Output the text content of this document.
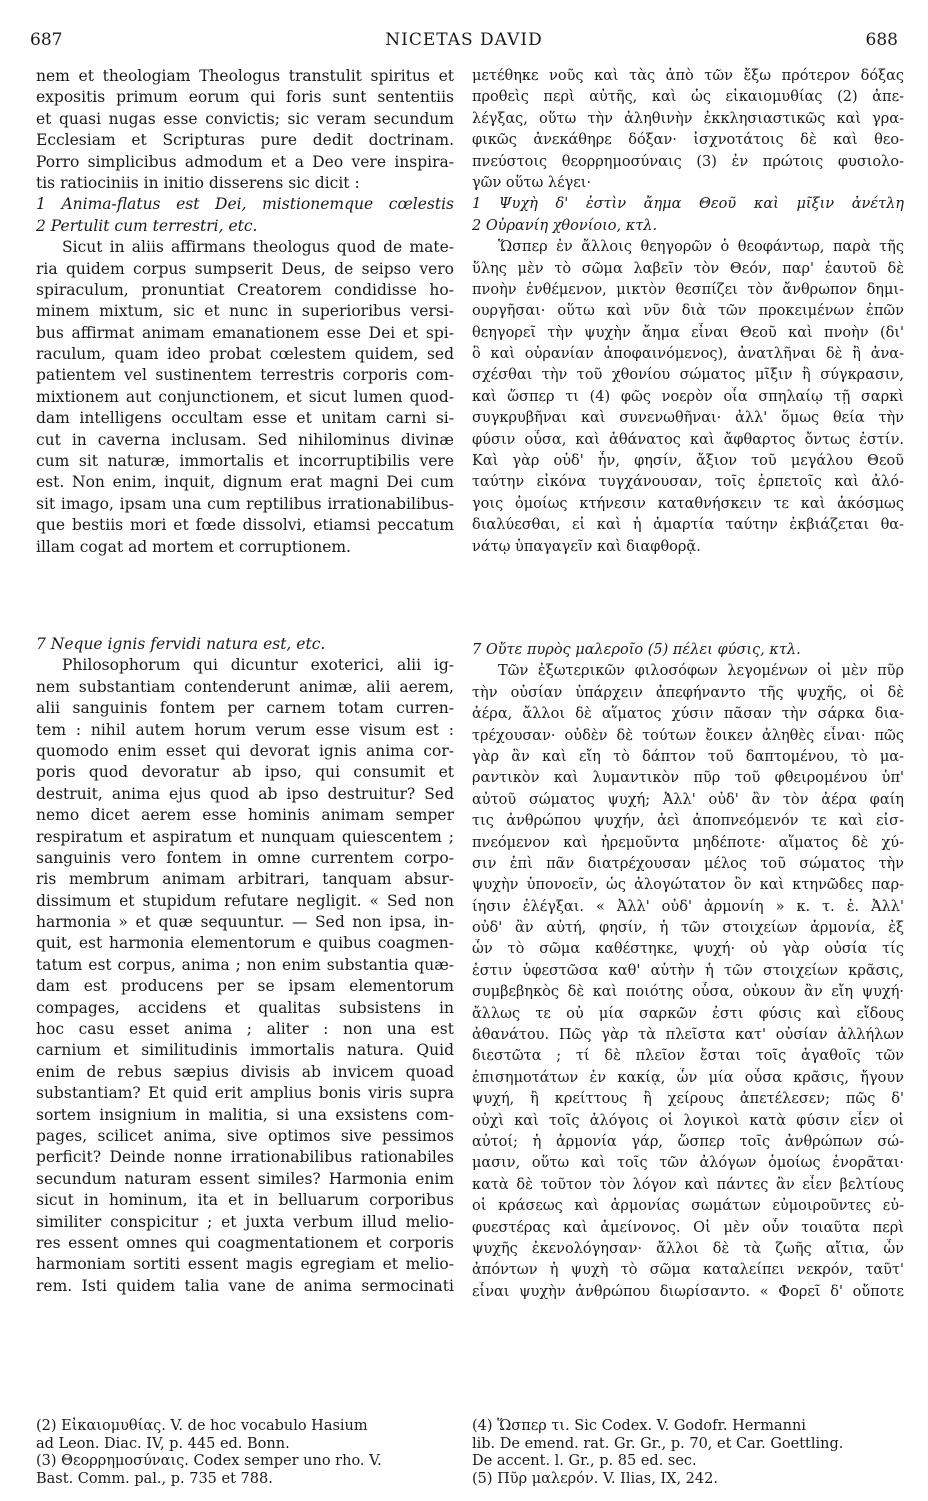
687	NICETAS DAVID	688
nem et theologiam Theologus transtulit spiritus et
expositis primum eorum qui foris sunt sententiis
et quasi nugas esse convictis; sic veram secundum
Ecclesiam et Scripturas pure dedit doctrinam.
Porro simplicibus admodum et a Deo vere inspira-
tis ratiociniis in initio disserens sic dicit :
1 Anima-flatus est Dei, mistionemque cœlestis
2 Pertulit cum terrestri, etc.
Sicut in aliis affirmans theologus quod de mate-
ria quidem corpus sumpserit Deus, de seipso vero
spiraculum, pronuntiat Creatorem condidisse ho-
minem mixtum, sic et nunc in superioribus versi-
bus affirmat animam emanationem esse Dei et spi-
raculum, quam ideo probat cœlestem quidem, sed
patientem vel sustinentem terrestris corporis com-
mixtionem aut conjunctionem, et sicut lumen quod-
dam intelligens occultam esse et unitam carni si-
cut in caverna inclusam. Sed nihilominus divinæ
cum sit naturæ, immortalis et incorruptibilis vere
est. Non enim, inquit, dignum erat magni Dei cum
sit imago, ipsam una cum reptilibus irrationabilibus-
que bestiis mori et fœde dissolvi, etiamsi peccatum
illam cogat ad mortem et corruptionem.
7 Neque ignis fervidi natura est, etc.
Philosophorum qui dicuntur exoterici, alii ig-
nem substantiam contenderunt animæ, alii aerem,
alii sanguinis fontem per carnem totam curren-
tem : nihil autem horum verum esse visum est :
quomodo enim esset qui devorat ignis anima cor-
poris quod devoratur ab ipso, qui consumit et
destruit, anima ejus quod ab ipso destruitur? Sed
nemo dicet aerem esse hominis animam semper
respiratum et aspiratum et nunquam quiescentem ;
sanguinis vero fontem in omne currentem corpo-
ris membrum animam arbitrari, tanquam absur-
dissimum et stupidum refutare negligit. « Sed non
harmonia » et quæ sequuntur. — Sed non ipsa, in-
quit, est harmonia elementorum e quibus coagmen-
tatum est corpus, anima ; non enim substantia quæ-
dam est producens per se ipsam elementorum
compages, accidens et qualitas subsistens in
hoc casu esset anima ; aliter : non una est
carnium et similitudinis immortalis natura. Quid
enim de rebus sæpius divisis ab invicem quoad
substantiam? Et quid erit amplius bonis viris supra
sortem insignium in malitia, si una exsistens com-
pages, scilicet anima, sive optimos sive pessimos
perficit? Deinde nonne irrationabilibus rationabiles
secundum naturam essent similes? Harmonia enim
sicut in hominum, ita et in belluarum corporibus
similiter conspicitur ; et juxta verbum illud melio-
res essent omnes qui coagmentationem et corporis
harmoniam sortiti essent magis egregiam et melio-
rem. Isti quidem talia vane de anima sermocinati
μετέθηκε νοῦς καὶ τὰς ἀπὸ τῶν ἔξω πρότερον δόξας
προθεὶς περὶ αὐτῆς, καὶ ὡς εἰκαιομυθίας (2) ἀπε-
λέγξας, οὕτω τὴν ἀληθινὴν ἐκκλησιαστικῶς καὶ γρα-
φικῶς ἀνεκάθηρε δόξαν· ἰσχνοτάτοις δὲ καὶ θεο-
πνεύστοις θεορρημοσύναις (3) ἐν πρώτοις φυσιολο-
γῶν οὕτω λέγει·
1 Ψυχὴ δ' ἐστὶν ἄημα Θεοῦ καὶ μῖξιν ἀνέτλη
2 Οὐρανίη χθονίοιο, κτλ.
Ὥσπερ ἐν ἄλλοις θεηγορῶν ὁ θεοφάντωρ, παρὰ τῆς
ὕλης μὲν τὸ σῶμα λαβεῖν τὸν Θεόν, παρ' ἑαυτοῦ δὲ
πνοὴν ἐνθέμενον, μικτὸν θεσπίζει τὸν ἄνθρωπον δημι-
ουργῆσαι· οὕτω καὶ νῦν διὰ τῶν προκειμένων ἐπῶν
θεηγορεῖ τὴν ψυχὴν ἄημα εἶναι Θεοῦ καὶ πνοὴν (δι'
ὃ καὶ οὐρανίαν ἀποφαινόμενος), ἀνατλῆναι δὲ ἢ ἀνα-
σχέσθαι τὴν τοῦ χθονίου σώματος μῖξιν ἢ σύγκρασιν,
καὶ ὥσπερ τι (4) φῶς νοερὸν οἷα σπηλαίῳ τῇ σαρκὶ
συγκρυβῆναι καὶ συνενωθῆναι· ἀλλ' ὅμως θεία τὴν
φύσιν οὖσα, καὶ ἀθάνατος καὶ ἄφθαρτος ὄντως ἐστίν.
Καὶ γὰρ οὐδ' ἦν, φησίν, ἄξιον τοῦ μεγάλου Θεοῦ
ταύτην εἰκόνα τυγχάνουσαν, τοῖς ἑρπετοῖς καὶ ἀλό-
γοις ὁμοίως κτήνεσιν καταθνήσκειν τε καὶ ἀκόσμως
διαλύεσθαι, εἰ καὶ ἡ ἁμαρτία ταύτην ἐκβιάζεται θα-
νάτῳ ὑπαγαγεῖν καὶ διαφθορᾷ.
7 Οὔτε πυρὸς μαλεροῖο (5) πέλει φύσις, κτλ.
Τῶν ἐξωτερικῶν φιλοσόφων λεγομένων οἱ μὲν πῦρ
τὴν οὐσίαν ὑπάρχειν ἀπεφήναντο τῆς ψυχῆς, οἱ δὲ
ἀέρα, ἄλλοι δὲ αἵματος χύσιν πᾶσαν τὴν σάρκα δια-
τρέχουσαν· οὐδὲν δὲ τούτων ἔοικεν ἀληθὲς εἶναι· πῶς
γὰρ ἂν καὶ εἴη τὸ δάπτον τοῦ δαπτομένου, τὸ μα-
ραντικὸν καὶ λυμαντικὸν πῦρ τοῦ φθειρομένου ὑπ'
αὐτοῦ σώματος ψυχή; Ἀλλ' οὐδ' ἂν τὸν ἀέρα φαίη
τις ἀνθρώπου ψυχήν, ἀεὶ ἀποπνεόμενόν τε καὶ εἰσ-
πνεόμενον καὶ ἠρεμοῦντα μηδέποτε· αἵματος δὲ χύ-
σιν ἐπὶ πᾶν διατρέχουσαν μέλος τοῦ σώματος τὴν
ψυχὴν ὑπονοεῖν, ὡς ἀλογώτατον ὂν καὶ κτηνῶδες παρ-
ίησιν ἐλέγξαι. « Ἀλλ' οὐδ' ἁρμονίη » κ. τ. ἑ. Ἀλλ'
οὐδ' ἂν αὐτή, φησίν, ἡ τῶν στοιχείων ἁρμονία, ἐξ
ὧν τὸ σῶμα καθέστηκε, ψυχή· οὐ γὰρ οὐσία τίς
ἐστιν ὑφεστῶσα καθ' αὑτὴν ἡ τῶν στοιχείων κρᾶσις,
συμβεβηκὸς δὲ καὶ ποιότης οὖσα, οὐκουν ἂν εἴη ψυχή·
ἄλλως τε οὐ μία σαρκῶν ἐστι φύσις καὶ εἴδους
ἀθανάτου. Πῶς γὰρ τὰ πλεῖστα κατ' οὐσίαν ἀλλήλων
διεστῶτα ; τί δὲ πλεῖον ἔσται τοῖς ἀγαθοῖς τῶν
ἐπισημοτάτων ἐν κακίᾳ, ὧν μία οὖσα κρᾶσις, ἤγουν
ψυχή, ἢ κρείττους ἢ χείρους ἀπετέλεσεν; πῶς δ'
οὐχὶ καὶ τοῖς ἀλόγοις οἱ λογικοὶ κατὰ φύσιν εἶεν οἱ
αὐτοί; ἡ ἁρμονία γάρ, ὥσπερ τοῖς ἀνθρώπων σώ-
μασιν, οὕτω καὶ τοῖς τῶν ἀλόγων ὁμοίως ἐνορᾶται·
κατὰ δὲ τοῦτον τὸν λόγον καὶ πάντες ἂν εἶεν βελτίους
οἱ κράσεως καὶ ἁρμονίας σωμάτων εὐμοιροῦντες εὐ-
φυεστέρας καὶ ἀμείνονος. Οἱ μὲν οὖν τοιαῦτα περὶ
ψυχῆς ἐκενολόγησαν· ἄλλοι δὲ τὰ ζωῆς αἴτια, ὧν
ἀπόντων ἡ ψυχὴ τὸ σῶμα καταλείπει νεκρόν, ταῦτ'
εἶναι ψυχὴν ἀνθρώπου διωρίσαντο. « Φορεῖ δ' οὔποτε
(2) Εἰκαιομυθίας. V. de hoc vocabulo Hasium
ad Leon. Diac. IV, p. 445 ed. Bonn.
(3) Θεορρημοσύναις. Codex semper uno rho. V.
Bast. Comm. pal., p. 735 et 788.
(4) Ὥσπερ τι. Sic Codex. V. Godofr. Hermanni
lib. De emend. rat. Gr. Gr., p. 70, et Car. Goettling.
De accent. l. Gr., p. 85 ed. sec.
(5) Πῦρ μαλερόν. V. Ilias, IX, 242.
